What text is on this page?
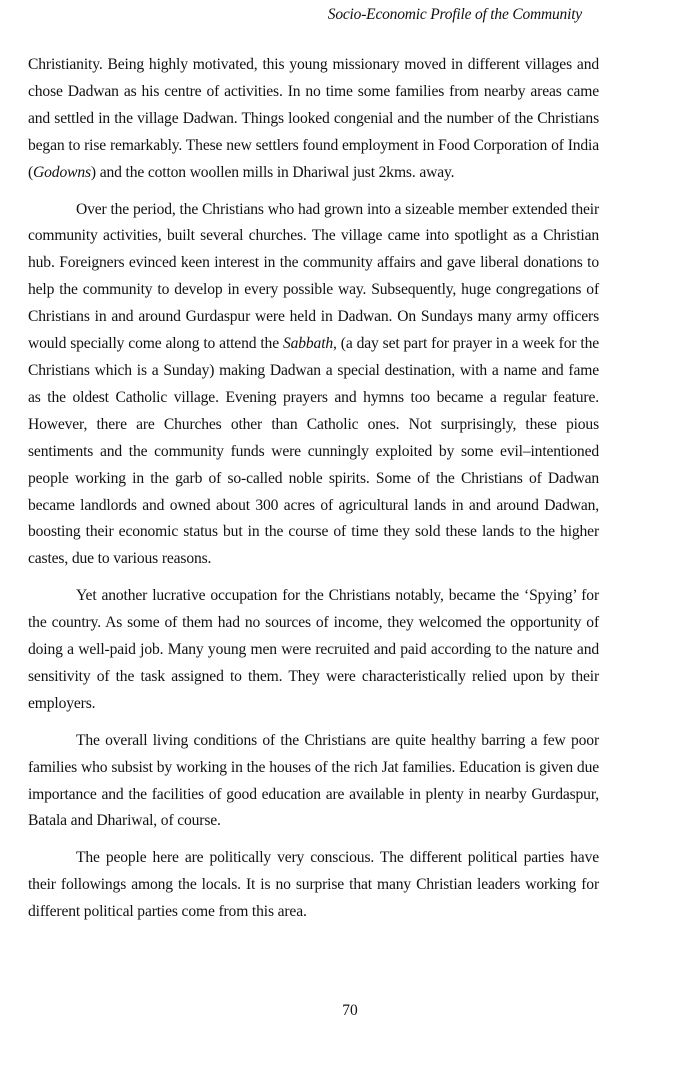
Socio-Economic Profile of the Community

Christianity. Being highly motivated, this young missionary moved in different villages and chose Dadwan as his centre of activities. In no time some families from nearby areas came and settled in the village Dadwan. Things looked congenial and the number of the Christians began to rise remarkably. These new settlers found employment in Food Corporation of India (Godowns) and the cotton woollen mills in Dhariwal just 2kms. away.

Over the period, the Christians who had grown into a sizeable member extended their community activities, built several churches. The village came into spotlight as a Christian hub. Foreigners evinced keen interest in the community affairs and gave liberal donations to help the community to develop in every possible way. Subsequently, huge congregations of Christians in and around Gurdaspur were held in Dadwan. On Sundays many army officers would specially come along to attend the Sabbath, (a day set part for prayer in a week for the Christians which is a Sunday) making Dadwan a special destination, with a name and fame as the oldest Catholic village. Evening prayers and hymns too became a regular feature. However, there are Churches other than Catholic ones. Not surprisingly, these pious sentiments and the community funds were cunningly exploited by some evil–intentioned people working in the garb of so-called noble spirits. Some of the Christians of Dadwan became landlords and owned about 300 acres of agricultural lands in and around Dadwan, boosting their economic status but in the course of time they sold these lands to the higher castes, due to various reasons.

Yet another lucrative occupation for the Christians notably, became the ‘Spying’ for the country. As some of them had no sources of income, they welcomed the opportunity of doing a well-paid job. Many young men were recruited and paid according to the nature and sensitivity of the task assigned to them. They were characteristically relied upon by their employers.

The overall living conditions of the Christians are quite healthy barring a few poor families who subsist by working in the houses of the rich Jat families. Education is given due importance and the facilities of good education are available in plenty in nearby Gurdaspur, Batala and Dhariwal, of course.

The people here are politically very conscious. The different political parties have their followings among the locals. It is no surprise that many Christian leaders working for different political parties come from this area.

70
